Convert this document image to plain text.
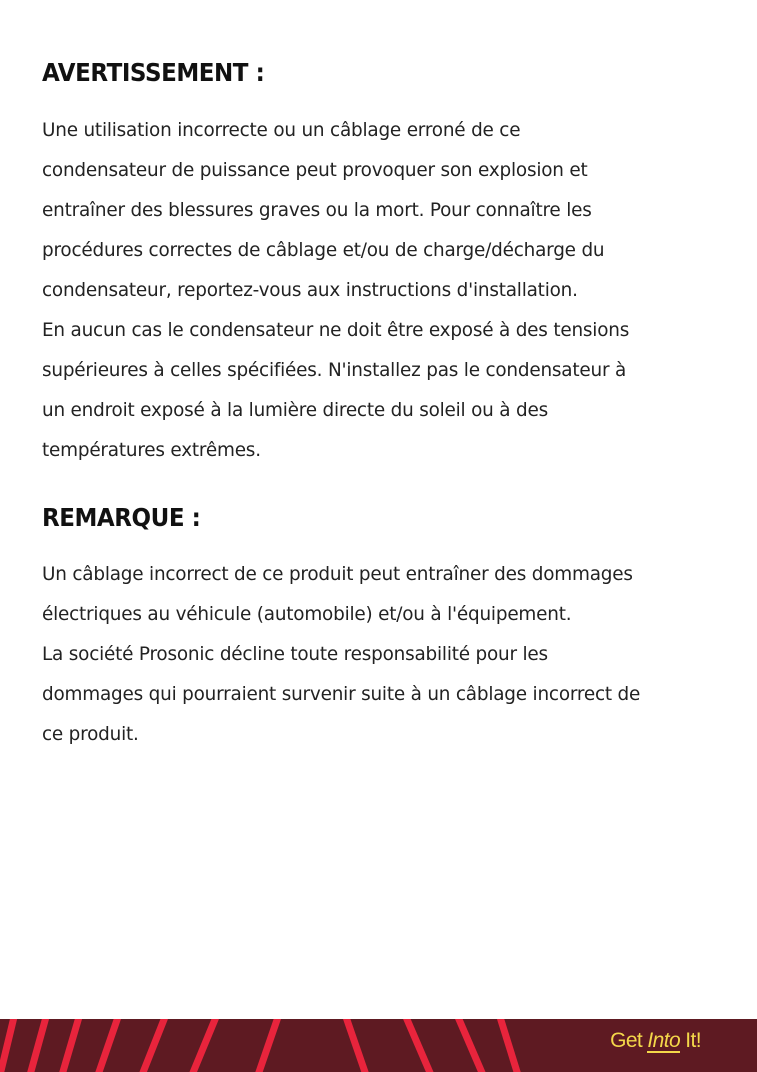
AVERTISSEMENT :

Une utilisation incorrecte ou un câblage erroné de ce
condensateur de puissance peut provoquer son explosion et
entraîner des blessures graves ou la mort. Pour connaître les
procédures correctes de câblage et/ou de charge/décharge du
condensateur, reportez-vous aux instructions d'installation.
En aucun cas le condensateur ne doit être exposé à des tensions
supérieures à celles spécifiées. N'installez pas le condensateur à
un endroit exposé à la lumière directe du soleil ou à des
températures extrêmes.

REMARQUE :

Un câblage incorrect de ce produit peut entraîner des dommages
électriques au véhicule (automobile) et/ou à l'équipement.
La société Prosonic décline toute responsabilité pour les
dommages qui pourraient survenir suite à un câblage incorrect de
ce produit.

Get Into It!
